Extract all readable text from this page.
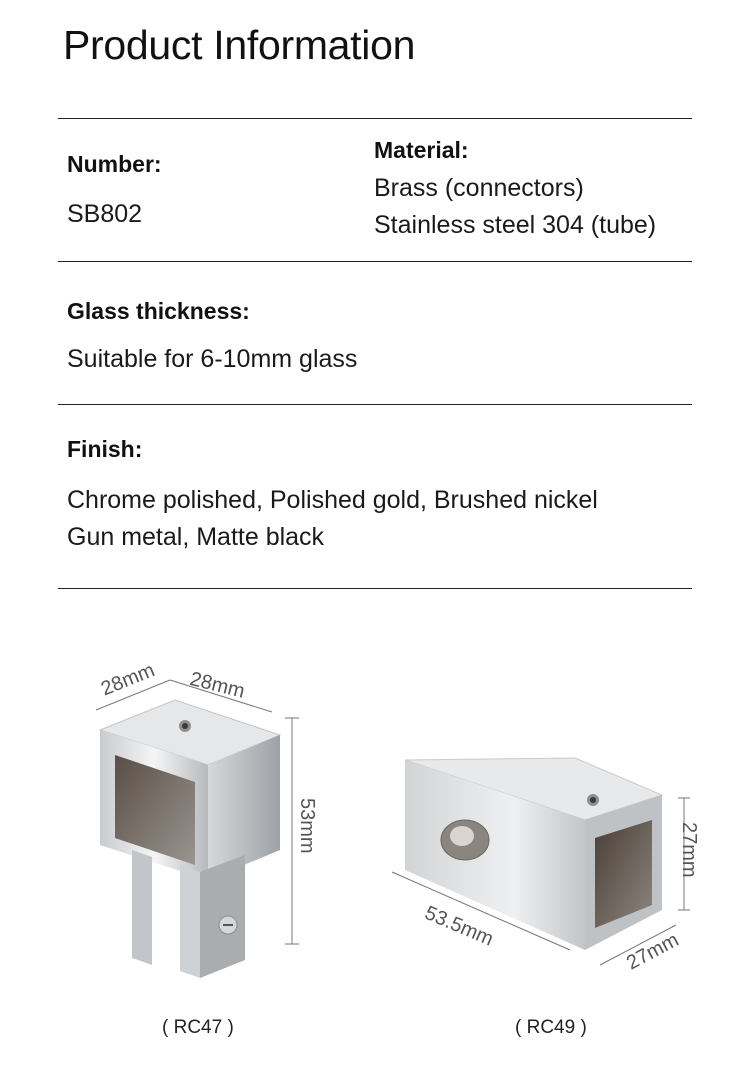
Product Information
Number:
SB802
Material:
Brass (connectors)
Stainless steel 304 (tube)
Glass thickness:
Suitable for 6-10mm glass
Finish:
Chrome polished, Polished gold, Brushed nickel
Gun metal, Matte black
28mm 28mm
53mm
( RC47 )
53.5mm
27mm
27mm
( RC49 )
